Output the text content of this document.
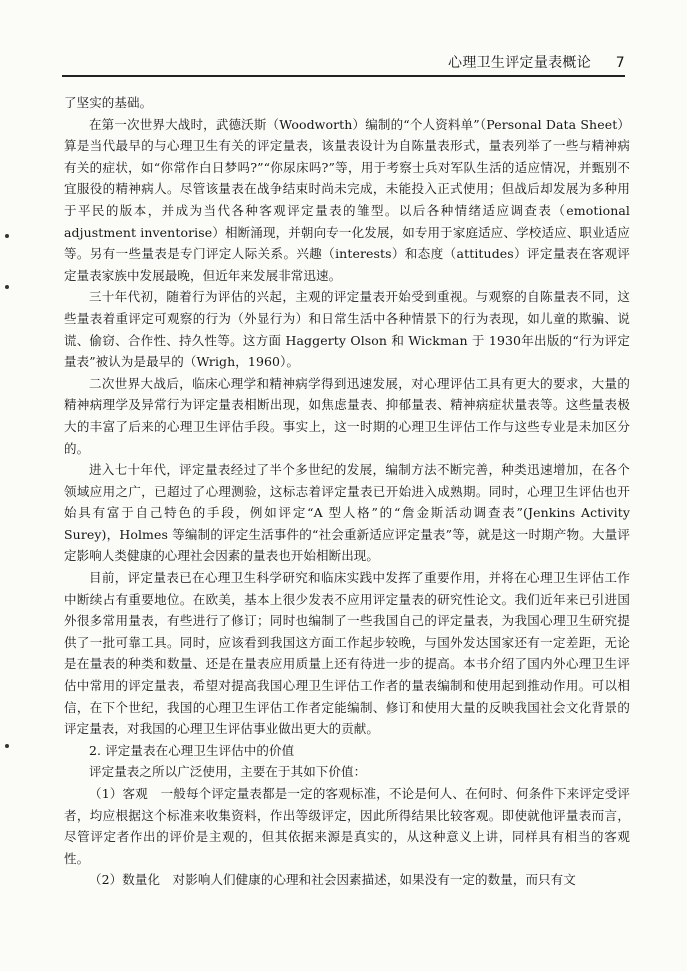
心理卫生评定量表概论 7

了坚实的基础。

在第一次世界大战时，武德沃斯（Woodworth）编制的“个人资料单”（Personal Data Sheet）算是当代最早的与心理卫生有关的评定量表，该量表设计为自陈量表形式，量表列举了一些与精神病有关的症状，如“你常作白日梦吗?”“你尿床吗?”等，用于考察士兵对军队生活的适应情况，并甄别不宜服役的精神病人。尽管该量表在战争结束时尚未完成，未能投入正式使用；但战后却发展为多种用于平民的版本，并成为当代各种客观评定量表的雏型。以后各种情绪适应调查表（emotional adjustment inventorise）相断涌现，并朝向专一化发展，如专用于家庭适应、学校适应、职业适应等。另有一些量表是专门评定人际关系。兴趣（interests）和态度（attitudes）评定量表在客观评定量表家族中发展最晚，但近年来发展非常迅速。

三十年代初，随着行为评估的兴起，主观的评定量表开始受到重视。与观察的自陈量表不同，这些量表着重评定可观察的行为（外显行为）和日常生活中各种情景下的行为表现，如儿童的欺骗、说谎、偷窃、合作性、持久性等。这方面 Haggerty Olson 和 Wickman 于 1930年出版的“行为评定量表”被认为是最早的（Wrigh，1960）。

二次世界大战后，临床心理学和精神病学得到迅速发展，对心理评估工具有更大的要求，大量的精神病理学及异常行为评定量表相断出现，如焦虑量表、抑郁量表、精神病症状量表等。这些量表极大的丰富了后来的心理卫生评估手段。事实上，这一时期的心理卫生评估工作与这些专业是未加区分的。

进入七十年代，评定量表经过了半个多世纪的发展，编制方法不断完善，种类迅速增加，在各个领域应用之广，已超过了心理测验，这标志着评定量表已开始进入成熟期。同时，心理卫生评估也开始具有富于自己特色的手段，例如评定“A 型人格”的“詹金斯活动调查表”(Jenkins Activity Surey)，Holmes 等编制的评定生活事件的“社会重新适应评定量表”等，就是这一时期产物。大量评定影响人类健康的心理社会因素的量表也开始相断出现。

目前，评定量表已在心理卫生科学研究和临床实践中发挥了重要作用，并将在心理卫生评估工作中断续占有重要地位。在欧美，基本上很少发表不应用评定量表的研究性论文。我们近年来已引进国外很多常用量表，有些进行了修订；同时也编制了一些我国自己的评定量表，为我国心理卫生研究提供了一批可靠工具。同时，应该看到我国这方面工作起步较晚，与国外发达国家还有一定差距，无论是在量表的种类和数量、还是在量表应用质量上还有待进一步的提高。本书介绍了国内外心理卫生评估中常用的评定量表，希望对提高我国心理卫生评估工作者的量表编制和使用起到推动作用。可以相信，在下个世纪，我国的心理卫生评估工作者定能编制、修订和使用大量的反映我国社会文化背景的评定量表，对我国的心理卫生评估事业做出更大的贡献。

2. 评定量表在心理卫生评估中的价值

评定量表之所以广泛使用，主要在于其如下价值：

（1）客观　一般每个评定量表都是一定的客观标准，不论是何人、在何时、何条件下来评定受评者，均应根据这个标准来收集资料，作出等级评定，因此所得结果比较客观。即使就他评量表而言，尽管评定者作出的评价是主观的，但其依据来源是真实的，从这种意义上讲，同样具有相当的客观性。

（2）数量化　对影响人们健康的心理和社会因素描述，如果没有一定的数量，而只有文
